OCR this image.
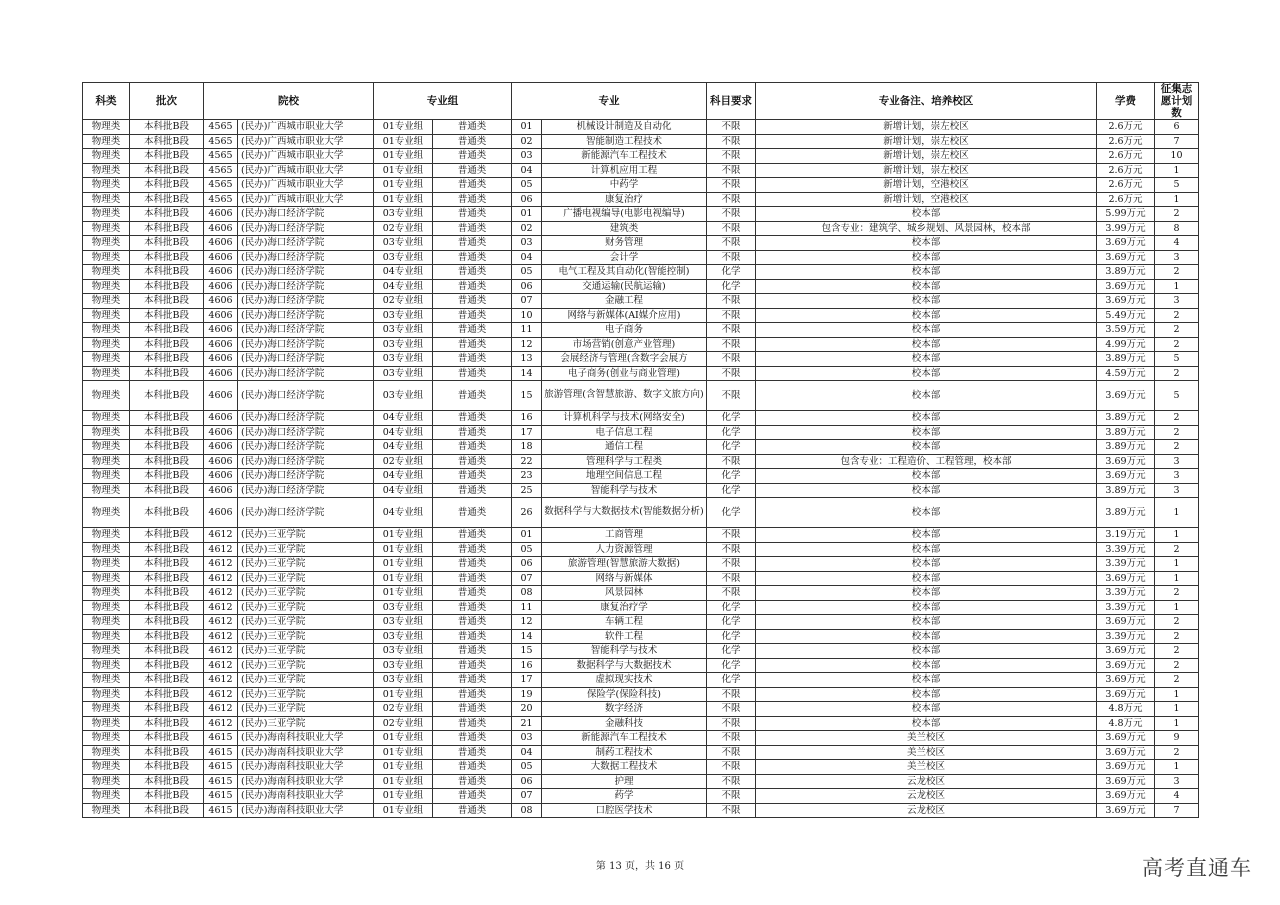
科类	批次	院校		专业组		专业		科目要求	专业备注、培养校区	学费	征集志愿计划数
物理类	本科批B段	4565	(民办)广西城市职业大学	01专业组	普通类	01	机械设计制造及自动化	不限	新增计划，崇左校区	2.6万元	6
物理类	本科批B段	4565	(民办)广西城市职业大学	01专业组	普通类	02	智能制造工程技术	不限	新增计划，崇左校区	2.6万元	7
物理类	本科批B段	4565	(民办)广西城市职业大学	01专业组	普通类	03	新能源汽车工程技术	不限	新增计划，崇左校区	2.6万元	10
物理类	本科批B段	4565	(民办)广西城市职业大学	01专业组	普通类	04	计算机应用工程	不限	新增计划，崇左校区	2.6万元	1
物理类	本科批B段	4565	(民办)广西城市职业大学	01专业组	普通类	05	中药学	不限	新增计划，空港校区	2.6万元	5
物理类	本科批B段	4565	(民办)广西城市职业大学	01专业组	普通类	06	康复治疗	不限	新增计划，空港校区	2.6万元	1
物理类	本科批B段	4606	(民办)海口经济学院	03专业组	普通类	01	广播电视编导(电影电视编导)	不限	校本部	5.99万元	2
物理类	本科批B段	4606	(民办)海口经济学院	02专业组	普通类	02	建筑类	不限	包含专业：建筑学、城乡规划、风景园林，校本部	3.99万元	8
物理类	本科批B段	4606	(民办)海口经济学院	03专业组	普通类	03	财务管理	不限	校本部	3.69万元	4
物理类	本科批B段	4606	(民办)海口经济学院	03专业组	普通类	04	会计学	不限	校本部	3.69万元	3
物理类	本科批B段	4606	(民办)海口经济学院	04专业组	普通类	05	电气工程及其自动化(智能控制)	化学	校本部	3.89万元	2
物理类	本科批B段	4606	(民办)海口经济学院	04专业组	普通类	06	交通运输(民航运输)	化学	校本部	3.69万元	1
物理类	本科批B段	4606	(民办)海口经济学院	02专业组	普通类	07	金融工程	不限	校本部	3.69万元	3
物理类	本科批B段	4606	(民办)海口经济学院	03专业组	普通类	10	网络与新媒体(AI媒介应用)	不限	校本部	5.49万元	2
物理类	本科批B段	4606	(民办)海口经济学院	03专业组	普通类	11	电子商务	不限	校本部	3.59万元	2
物理类	本科批B段	4606	(民办)海口经济学院	03专业组	普通类	12	市场营销(创意产业管理)	不限	校本部	4.99万元	2
物理类	本科批B段	4606	(民办)海口经济学院	03专业组	普通类	13	会展经济与管理(含数字会展方	不限	校本部	3.89万元	5
物理类	本科批B段	4606	(民办)海口经济学院	03专业组	普通类	14	电子商务(创业与商业管理)	不限	校本部	4.59万元	2
物理类	本科批B段	4606	(民办)海口经济学院	03专业组	普通类	15	旅游管理(含智慧旅游、数字文旅方向)	不限	校本部	3.69万元	5
物理类	本科批B段	4606	(民办)海口经济学院	04专业组	普通类	16	计算机科学与技术(网络安全)	化学	校本部	3.89万元	2
物理类	本科批B段	4606	(民办)海口经济学院	04专业组	普通类	17	电子信息工程	化学	校本部	3.89万元	2
物理类	本科批B段	4606	(民办)海口经济学院	04专业组	普通类	18	通信工程	化学	校本部	3.89万元	2
物理类	本科批B段	4606	(民办)海口经济学院	02专业组	普通类	22	管理科学与工程类	不限	包含专业：工程造价、工程管理，校本部	3.69万元	3
物理类	本科批B段	4606	(民办)海口经济学院	04专业组	普通类	23	地理空间信息工程	化学	校本部	3.69万元	3
物理类	本科批B段	4606	(民办)海口经济学院	04专业组	普通类	25	智能科学与技术	化学	校本部	3.89万元	3
物理类	本科批B段	4606	(民办)海口经济学院	04专业组	普通类	26	数据科学与大数据技术(智能数据分析)	化学	校本部	3.89万元	1
物理类	本科批B段	4612	(民办)三亚学院	01专业组	普通类	01	工商管理	不限	校本部	3.19万元	1
物理类	本科批B段	4612	(民办)三亚学院	01专业组	普通类	05	人力资源管理	不限	校本部	3.39万元	2
物理类	本科批B段	4612	(民办)三亚学院	01专业组	普通类	06	旅游管理(智慧旅游大数据)	不限	校本部	3.39万元	1
物理类	本科批B段	4612	(民办)三亚学院	01专业组	普通类	07	网络与新媒体	不限	校本部	3.69万元	1
物理类	本科批B段	4612	(民办)三亚学院	01专业组	普通类	08	风景园林	不限	校本部	3.39万元	2
物理类	本科批B段	4612	(民办)三亚学院	03专业组	普通类	11	康复治疗学	化学	校本部	3.39万元	1
物理类	本科批B段	4612	(民办)三亚学院	03专业组	普通类	12	车辆工程	化学	校本部	3.69万元	2
物理类	本科批B段	4612	(民办)三亚学院	03专业组	普通类	14	软件工程	化学	校本部	3.39万元	2
物理类	本科批B段	4612	(民办)三亚学院	03专业组	普通类	15	智能科学与技术	化学	校本部	3.69万元	2
物理类	本科批B段	4612	(民办)三亚学院	03专业组	普通类	16	数据科学与大数据技术	化学	校本部	3.69万元	2
物理类	本科批B段	4612	(民办)三亚学院	03专业组	普通类	17	虚拟现实技术	化学	校本部	3.69万元	2
物理类	本科批B段	4612	(民办)三亚学院	01专业组	普通类	19	保险学(保险科技)	不限	校本部	3.69万元	1
物理类	本科批B段	4612	(民办)三亚学院	02专业组	普通类	20	数字经济	不限	校本部	4.8万元	1
物理类	本科批B段	4612	(民办)三亚学院	02专业组	普通类	21	金融科技	不限	校本部	4.8万元	1
物理类	本科批B段	4615	(民办)海南科技职业大学	01专业组	普通类	03	新能源汽车工程技术	不限	美兰校区	3.69万元	9
物理类	本科批B段	4615	(民办)海南科技职业大学	01专业组	普通类	04	制药工程技术	不限	美兰校区	3.69万元	2
物理类	本科批B段	4615	(民办)海南科技职业大学	01专业组	普通类	05	大数据工程技术	不限	美兰校区	3.69万元	1
物理类	本科批B段	4615	(民办)海南科技职业大学	01专业组	普通类	06	护理	不限	云龙校区	3.69万元	3
物理类	本科批B段	4615	(民办)海南科技职业大学	01专业组	普通类	07	药学	不限	云龙校区	3.69万元	4
物理类	本科批B段	4615	(民办)海南科技职业大学	01专业组	普通类	08	口腔医学技术	不限	云龙校区	3.69万元	7
第 13 页，共 16 页	高考直通车
